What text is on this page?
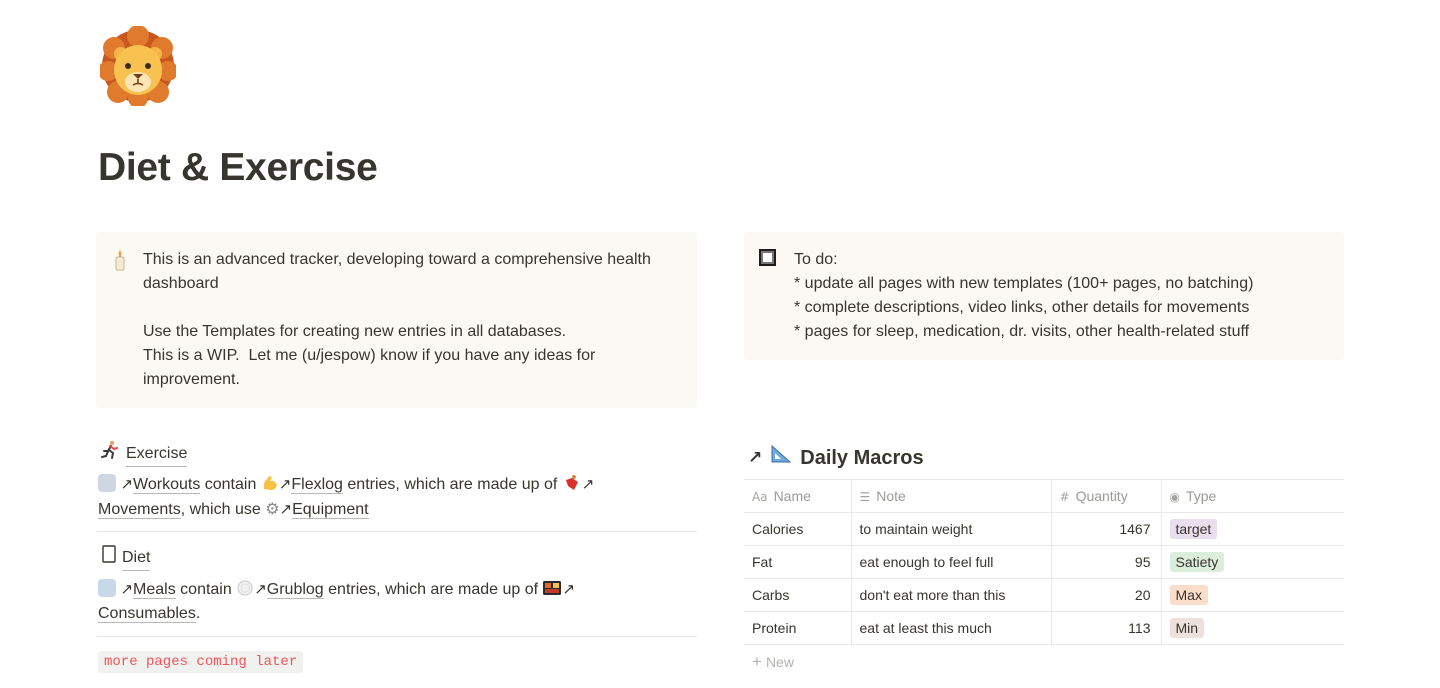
Diet & Exercise

This is an advanced tracker, developing toward a comprehensive health dashboard

Use the Templates for creating new entries in all databases.

This is a WIP.  Let me (u/jespow) know if you have any ideas for improvement.

To do:

* update all pages with new templates (100+ pages, no batching)

* complete descriptions, video links, other details for movements

* pages for sleep, medication, dr. visits, other health-related stuff

Exercise
↗Workouts contain ↗Flexlog entries, which are made up of ↗
Movements, which use ⚙↗Equipment
Diet
↗Meals contain ↗Grublog entries, which are made up of ↗
Consumables.
more pages coming later
↗ Daily Macros
Aa Name	☰ Note	# Quantity	◉ Type
Calories	to maintain weight	1467	target
Fat	eat enough to feel full	95	Satiety
Carbs	don't eat more than this	20	Max
Protein	eat at least this much	113	Min
+ New
